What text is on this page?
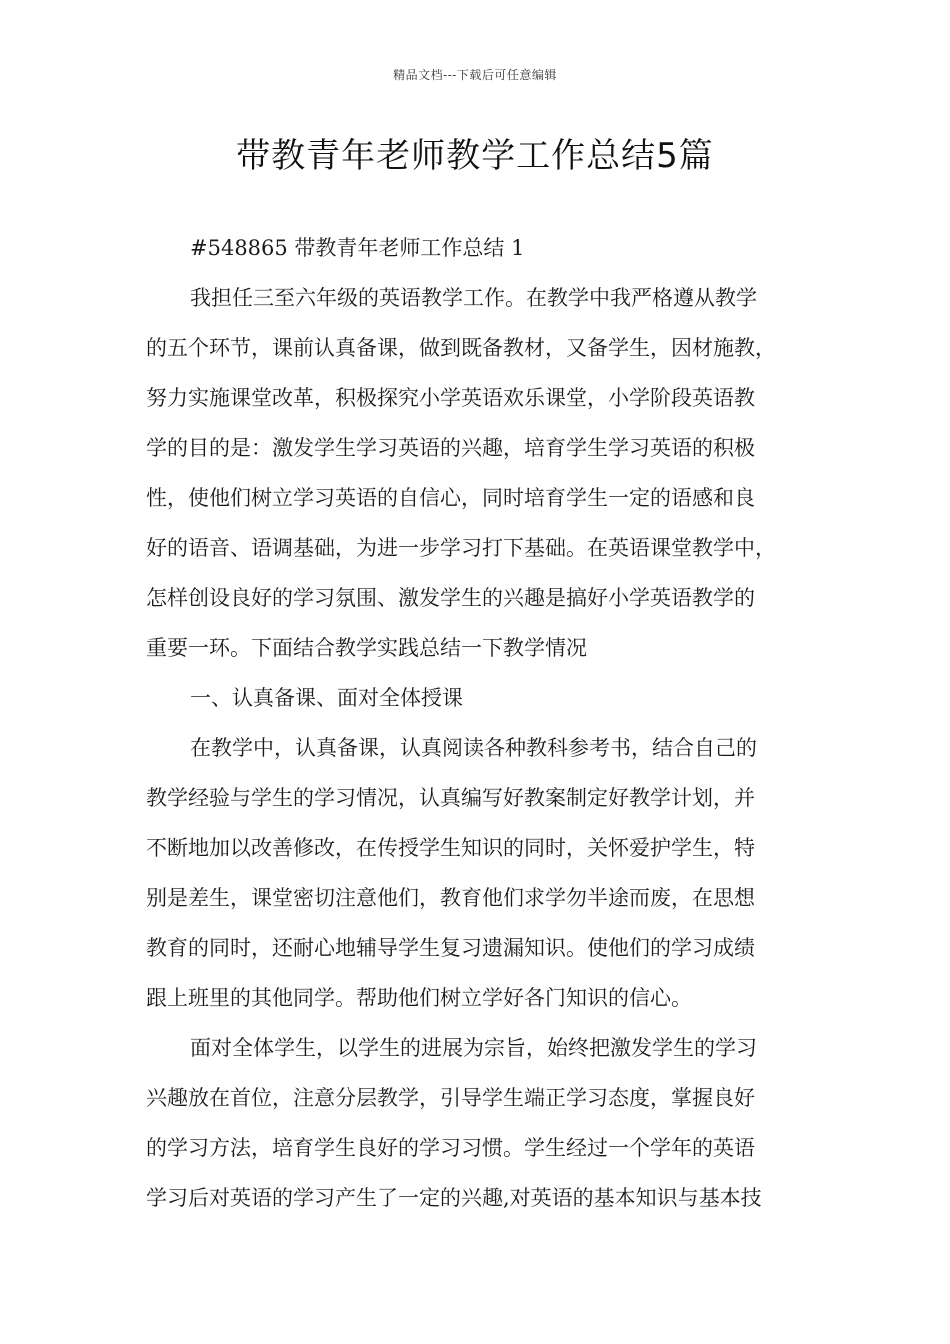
精品文档---下载后可任意编辑
带教青年老师教学工作总结5篇
#548865 带教青年老师工作总结 1
我担任三至六年级的英语教学工作。在教学中我严格遵从教学
的五个环节，课前认真备课，做到既备教材，又备学生，因材施教，
努力实施课堂改革，积极探究小学英语欢乐课堂，小学阶段英语教
学的目的是：激发学生学习英语的兴趣，培育学生学习英语的积极
性，使他们树立学习英语的自信心，同时培育学生一定的语感和良
好的语音、语调基础，为进一步学习打下基础。在英语课堂教学中，
怎样创设良好的学习氛围、激发学生的兴趣是搞好小学英语教学的
重要一环。下面结合教学实践总结一下教学情况
一、认真备课、面对全体授课
在教学中，认真备课，认真阅读各种教科参考书，结合自己的
教学经验与学生的学习情况，认真编写好教案制定好教学计划，并
不断地加以改善修改，在传授学生知识的同时，关怀爱护学生，特
别是差生，课堂密切注意他们，教育他们求学勿半途而废，在思想
教育的同时，还耐心地辅导学生复习遗漏知识。使他们的学习成绩
跟上班里的其他同学。帮助他们树立学好各门知识的信心。
面对全体学生，以学生的进展为宗旨，始终把激发学生的学习
兴趣放在首位，注意分层教学，引导学生端正学习态度，掌握良好
的学习方法，培育学生良好的学习习惯。学生经过一个学年的英语
学习后对英语的学习产生了一定的兴趣,对英语的基本知识与基本技
